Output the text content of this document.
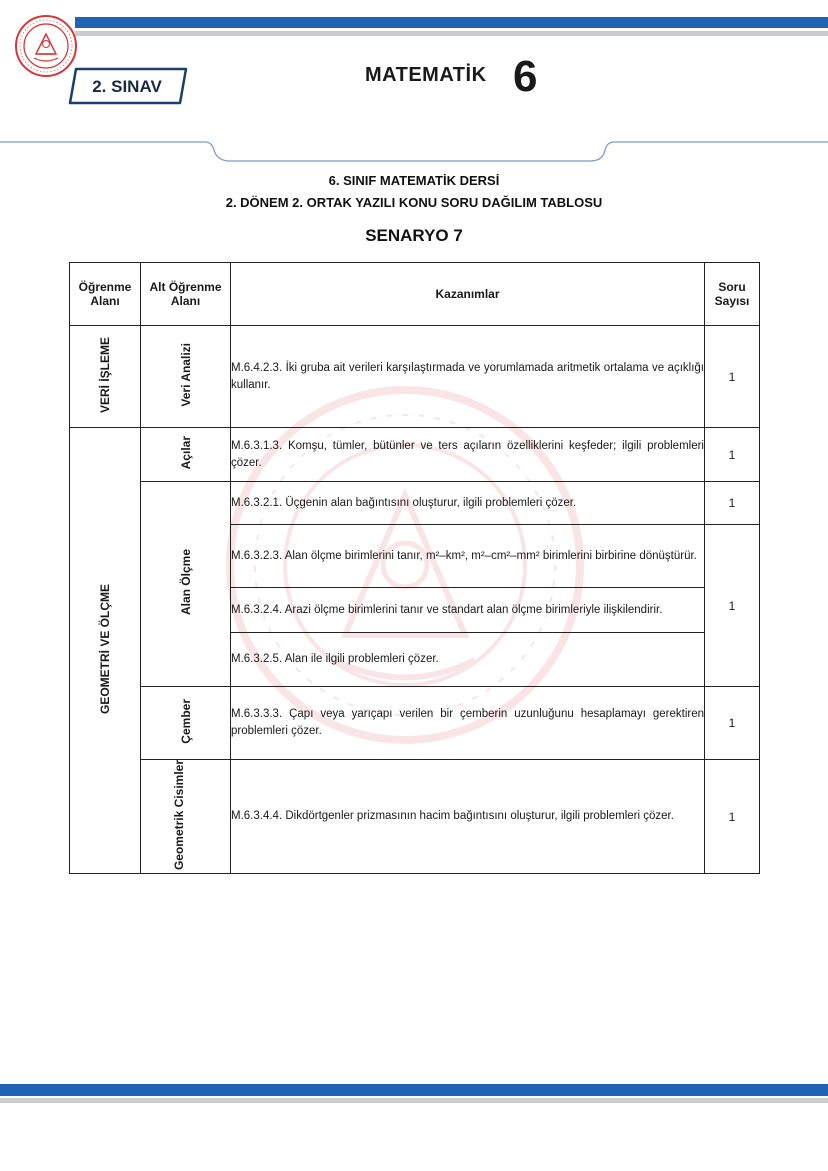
2. SINAV
MATEMATİK 6
6. SINIF MATEMATİK DERSİ
2. DÖNEM 2. ORTAK YAZILI KONU SORU DAĞILIM TABLOSU
SENARYO 7
Öğrenme Alanı	Alt Öğrenme Alanı	Kazanımlar	Soru Sayısı
VERİ İŞLEME	Veri Analizi	M.6.4.2.3. İki gruba ait verileri karşılaştırmada ve yorumlamada aritmetik ortalama ve açıklığı kullanır.	1
GEOMETRİ VE ÖLÇME	Açılar	M.6.3.1.3. Komşu, tümler, bütünler ve ters açıların özelliklerini keşfeder; ilgili problemleri çözer.	1
	Alan Ölçme	M.6.3.2.1. Üçgenin alan bağıntısını oluşturur, ilgili problemleri çözer.	1

		M.6.3.2.3. Alan ölçme birimlerini tanır, m²–km², m²–cm²–mm² birimlerini birbirine dönüştürür.	1

		M.6.3.2.4. Arazi ölçme birimlerini tanır ve standart alan ölçme birimleriyle ilişkilendirir.	

		M.6.3.2.5. Alan ile ilgili problemleri çözer.	

	Çember	M.6.3.3.3. Çapı veya yarıçapı verilen bir çemberin uzunluğunu hesaplamayı gerektiren problemleri çözer.	1
	Geometrik Cisimler	M.6.3.4.4. Dikdörtgenler prizmasının hacim bağıntısını oluşturur, ilgili problemleri çözer.	1
